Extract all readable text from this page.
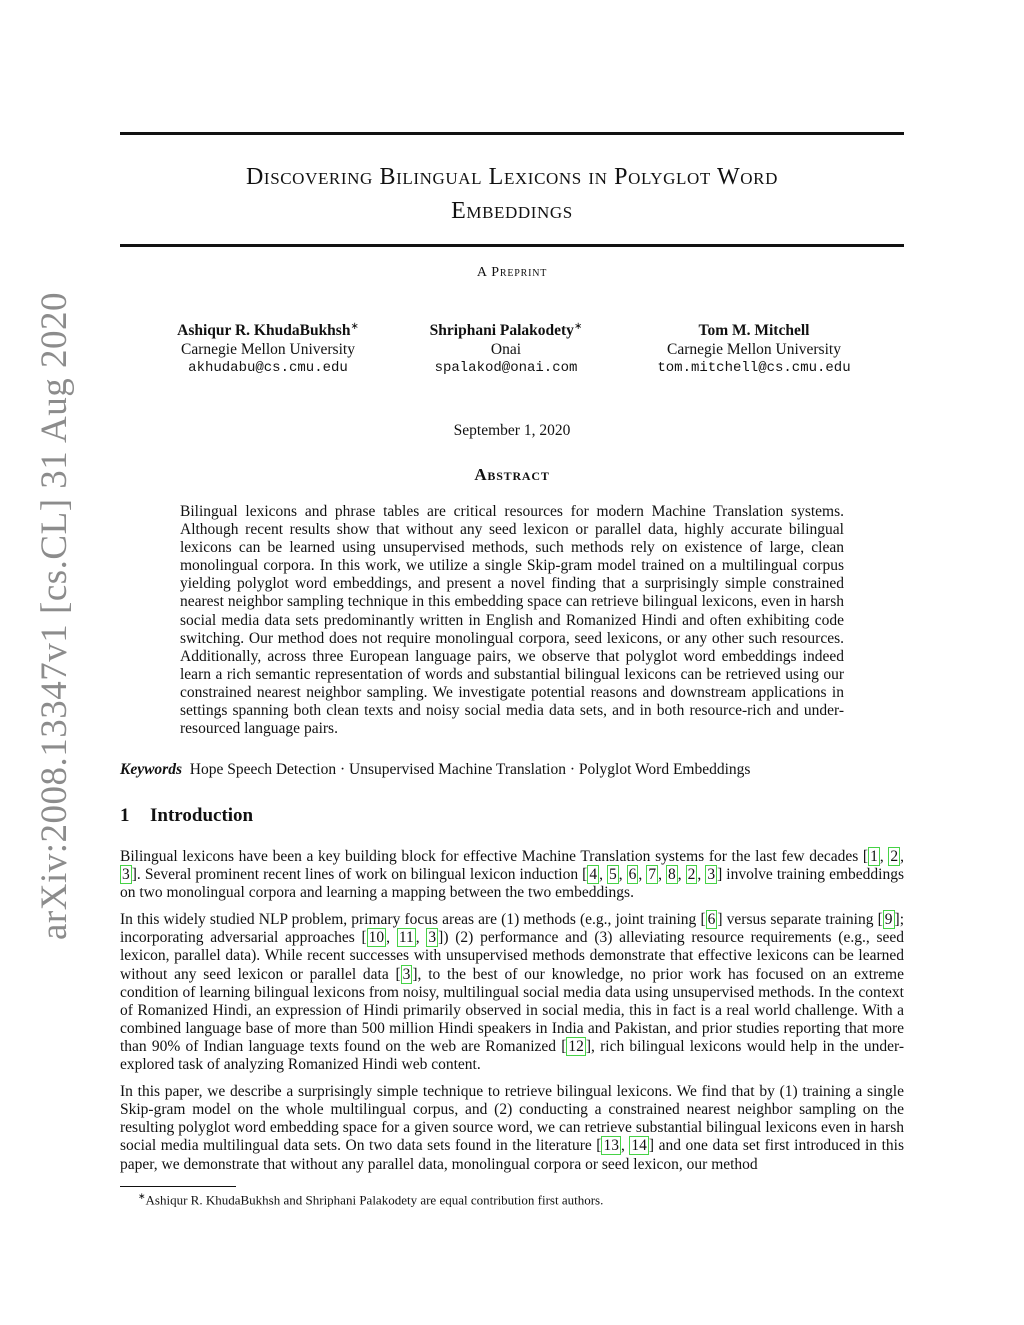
arXiv:2008.13347v1 [cs.CL] 31 Aug 2020
Discovering Bilingual Lexicons in Polyglot Word
Embeddings
A Preprint
Ashiqur R. KhudaBukhsh∗
Carnegie Mellon University
akhudabu@cs.cmu.edu
Shriphani Palakodety∗
Onai
spalakod@onai.com
Tom M. Mitchell
Carnegie Mellon University
tom.mitchell@cs.cmu.edu
September 1, 2020
Abstract
Bilingual lexicons and phrase tables are critical resources for modern Machine Translation systems. Although recent results show that without any seed lexicon or parallel data, highly accurate bilingual lexicons can be learned using unsupervised methods, such methods rely on existence of large, clean monolingual corpora. In this work, we utilize a single Skip-gram model trained on a multilingual corpus yielding polyglot word embeddings, and present a novel finding that a surprisingly simple constrained nearest neighbor sampling technique in this embedding space can retrieve bilingual lexicons, even in harsh social media data sets predominantly written in English and Romanized Hindi and often exhibiting code switching. Our method does not require monolingual corpora, seed lexicons, or any other such resources. Additionally, across three European language pairs, we observe that polyglot word embeddings indeed learn a rich semantic representation of words and substantial bilingual lexicons can be retrieved using our constrained nearest neighbor sampling. We investigate potential reasons and downstream applications in settings spanning both clean texts and noisy social media data sets, and in both resource-rich and under-resourced language pairs.
Keywords Hope Speech Detection · Unsupervised Machine Translation · Polyglot Word Embeddings
1 Introduction

Bilingual lexicons have been a key building block for effective Machine Translation systems for the last few decades [ 1 , 2 , 3 ]. Several prominent recent lines of work on bilingual lexicon induction [ 4 , 5 , 6 , 7 , 8 , 2 , 3 ] involve training embeddings on two monolingual corpora and learning a mapping between the two embeddings.

In this widely studied NLP problem, primary focus areas are (1) methods (e.g., joint training [ 6 ] versus separate training [ 9 ]; incorporating adversarial approaches [ 10 , 11 , 3 ]) (2) performance and (3) alleviating resource requirements (e.g., seed lexicon, parallel data). While recent successes with unsupervised methods demonstrate that effective lexicons can be learned without any seed lexicon or parallel data [ 3 ], to the best of our knowledge, no prior work has focused on an extreme condition of learning bilingual lexicons from noisy, multilingual social media data using unsupervised methods. In the context of Romanized Hindi, an expression of Hindi primarily observed in social media, this in fact is a real world challenge. With a combined language base of more than 500 million Hindi speakers in India and Pakistan, and prior studies reporting that more than 90% of Indian language texts found on the web are Romanized [ 12 ], rich bilingual lexicons would help in the under-explored task of analyzing Romanized Hindi web content.

In this paper, we describe a surprisingly simple technique to retrieve bilingual lexicons. We find that by (1) training a single Skip-gram model on the whole multilingual corpus, and (2) conducting a constrained nearest neighbor sampling on the resulting polyglot word embedding space for a given source word, we can retrieve substantial bilingual lexicons even in harsh social media multilingual data sets. On two data sets found in the literature [ 13 , 14 ] and one data set first introduced in this paper, we demonstrate that without any parallel data, monolingual corpora or seed lexicon, our method

∗Ashiqur R. KhudaBukhsh and Shriphani Palakodety are equal contribution first authors.
